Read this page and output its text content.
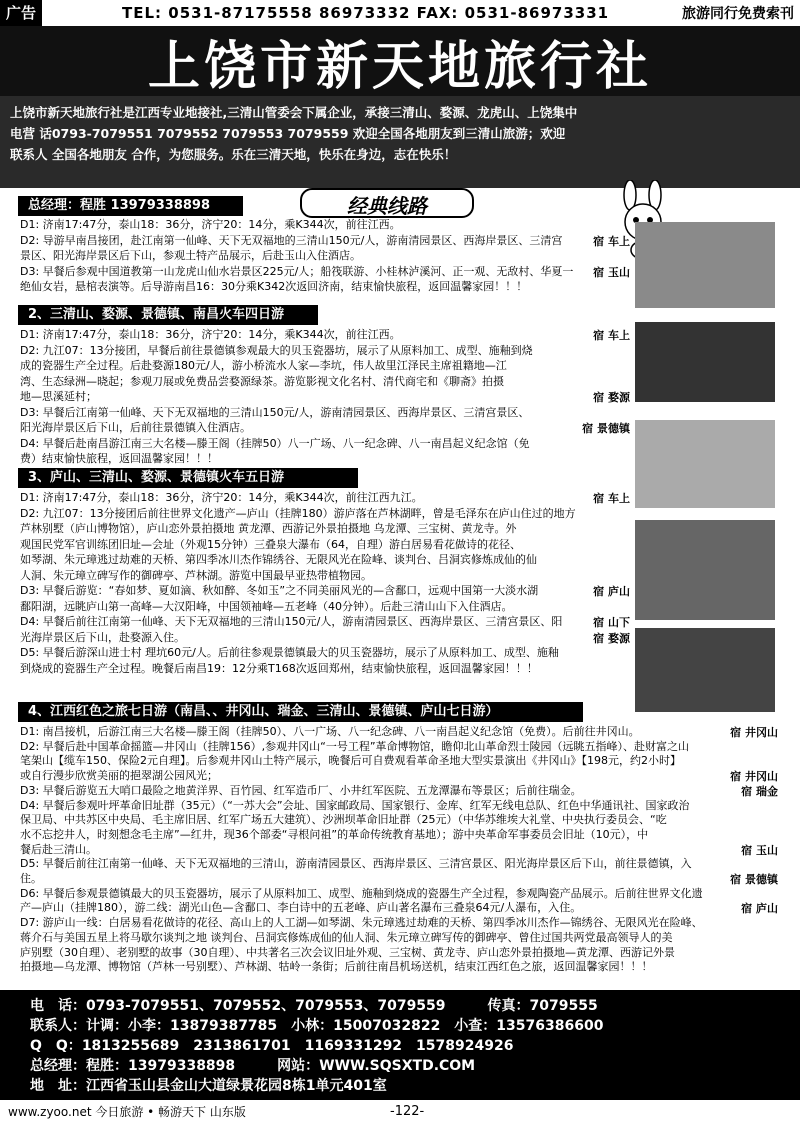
广告	TEL: 0531-87175558 86973332 FAX: 0531-86973331	旅游同行免费索刊
上饶市新天地旅行社

上饶市新天地旅行社是江西专业地接社,三清山管委会下属企业，承接三清山、婺源、龙虎山、上饶集中

电营 话0793-7079551 7079552 7079553 7079559 欢迎全国各地朋友到三清山旅游；欢迎

联系人 全国各地朋友 合作，为您服务。乐在三清天地，快乐在身边，志在快乐！

经典线路
总经理：程胜 13979338898
D1: 济南17:47分，泰山18：36分，济宁20：14分，乘K344次，前往江西。
D2: 导游早南昌接团，赴江南第一仙峰、天下无双福地的三清山150元/人，游南清园景区、西海岸景区、三清宫
景区、阳光海岸景区后下山，参观土特产品展示，后赴玉山入住酒店。
D3: 早餐后参观中国道教第一山龙虎山仙水岩景区225元/人；船筏联游、小桂林泸溪河、正一观、无敌村、华夏一
绝仙女岩，悬棺表演等。后导游南昌16：30分乘K342次返回济南，结束愉快旅程，返回温馨家园！！！
宿 车上
宿 玉山
2、三清山、婺源、景德镇、南昌火车四日游
D1: 济南17:47分，泰山18：36分，济宁20：14分，乘K344次，前往江西。
D2: 九江07：13分接团，早餐后前往景德镇参观最大的贝玉瓷器坊，展示了从原料加工、成型、施釉到烧
成的瓷器生产全过程。后赴婺源180元/人，游小桥流水人家—李坑，伟人故里江泽民主席祖籍地—江
湾、生态绿洲—晓起；参观刀展或免费品尝婺源绿茶。游览影视文化名村、清代商宅和《聊斋》拍摄
地—思溪延村；
D3: 早餐后江南第一仙峰、天下无双福地的三清山150元/人，游南清园景区、西海岸景区、三清宫景区、
阳光海岸景区后下山，后前往景德镇入住酒店。
D4: 早餐后赴南昌游江南三大名楼—滕王阁（挂牌50）八一广场、八一纪念碑、八一南昌起义纪念馆（免
费）结束愉快旅程，返回温馨家园！！！
宿 车上
宿 婺源
宿 景德镇
3、庐山、三清山、婺源、景德镇火车五日游
D1: 济南17:47分，泰山18：36分，济宁20：14分，乘K344次，前往江西九江。
D2: 九江07：13分接团后前往世界文化遗产—庐山（挂牌180）游庐落在芦林湖畔，曾是毛泽东在庐山住过的地方
芦林别墅（庐山博物馆），庐山恋外景拍摄地 黄龙潭、西游记外景拍摄地 乌龙潭、三宝树、黄龙寺。外
观国民党军官训练团旧址—会址（外观15分钟）三叠泉大瀑布（64，自理）游白居易看花做诗的花径、
如琴湖、朱元璋逃过劫难的天桥、第四季冰川杰作锦绣谷、无限风光在险峰、谈判台、吕洞宾修炼成仙的仙
人洞、朱元璋立碑写作的御碑亭、芦林湖。游览中国最早亚热带植物园。
D3: 早餐后游览：“春如梦、夏如滴、秋如醉、冬如玉”之不同美丽风光的—含鄱口，远观中国第一大淡水湖
鄱阳湖，远眺庐山第一高峰—大汉阳峰，中国领袖峰—五老峰（40分钟）。后赴三清山山下入住酒店。
D4: 早餐后前往江南第一仙峰、天下无双福地的三清山150元/人，游南清园景区、西海岸景区、三清宫景区、阳
光海岸景区后下山，赴婺源入住。
D5: 早餐后游深山进士村 理坑60元/人。后前往参观景德镇最大的贝玉瓷器坊，展示了从原料加工、成型、施釉
到烧成的瓷器生产全过程。晚餐后南昌19：12分乘T168次返回郑州，结束愉快旅程，返回温馨家园！！！
宿 车上
宿 庐山
宿 山下
宿 婺源
4、江西红色之旅七日游（南昌、、井冈山、瑞金、三清山、景德镇、庐山七日游）
D1: 南昌接机，后游江南三大名楼—滕王阁（挂牌50）、八一广场、八一纪念碑、八一南昌起义纪念馆（免费）。后前往井冈山。
D2: 早餐后赴中国革命摇篮—井冈山（挂牌156）,参观井冈山“一号工程”革命博物馆，瞻仰北山革命烈士陵园（远眺五指峰）、赴财富之山
笔架山【缆车150、保险2元自理】。后参观井冈山土特产展示，晚餐后可自费观看革命圣地大型实景演出《井冈山》【198元，约2小时】
或自行漫步欣赏美丽的挹翠湖公园风光；
D3: 早餐后游览五大哨口最险之地黄洋界、百竹园、红军造币厂、小井红军医院、五龙潭瀑布等景区；后前往瑞金。
D4: 早餐后参观叶坪革命旧址群（35元）（“一苏大会”会址、国家邮政局、国家银行、金库、红军无线电总队、红色中华通讯社、国家政治
保卫局、中共苏区中央局、毛主席旧居、红军广场五大建筑）、沙洲坝革命旧址群（25元）（中华苏维埃大礼堂、中央执行委员会、“吃
水不忘挖井人，时刻想念毛主席”—红井，现36个部委“寻根问祖”的革命传统教育基地）；游中央革命军事委员会旧址（10元），中
餐后赴三清山。
D5: 早餐后前往江南第一仙峰、天下无双福地的三清山，游南清园景区、西海岸景区、三清宫景区、阳光海岸景区后下山，前往景德镇，入
住。
D6: 早餐后参观景德镇最大的贝玉瓷器坊，展示了从原料加工、成型、施釉到烧成的瓷器生产全过程，参观陶瓷产品展示。后前往世界文化遗
产—庐山（挂牌180），游二线：湖光山色—含鄱口、李白诗中的五老峰、庐山著名瀑布三叠泉64元/人瀑布，入住。
D7: 游庐山一线：白居易看花做诗的花径、高山上的人工湖—如琴湖、朱元璋逃过劫难的天桥、第四季冰川杰作—锦绣谷、无限风光在险峰、
蒋介石与美国五星上将马歇尔谈判之地 谈判台、吕洞宾修炼成仙的仙人洞、朱元璋立碑写传的御碑亭、曾住过国共两党最高领导人的美
庐别墅（30自理）、老别墅的故事（30自理）、中共著名三次会议旧址外观、三宝树、黄龙寺、庐山恋外景拍摄地—黄龙潭、西游记外景
拍摄地—乌龙潭、博物馆（芦林一号别墅）、芦林湖、牯岭一条街；后前往南昌机场送机，结束江西红色之旅，返回温馨家园！！！
宿 井冈山
宿 井冈山
宿 瑞金
宿 玉山
宿 景德镇
宿 庐山
电　话：0793-7079551、7079552、7079553、7079559　　　	传真：7079555
联系人：计调：小李：13879387785　小林：15007032822　小查：13576386600
Q　Q：1813255689　2313861701　1169331292　1578924926
总经理：程胜：13979338898　　　	网站：WWW.SQSXTD.COM
地　址：江西省玉山县金山大道绿景花园8栋1单元401室
www.zyoo.net 今日旅游 • 畅游天下 山东版	-122-
